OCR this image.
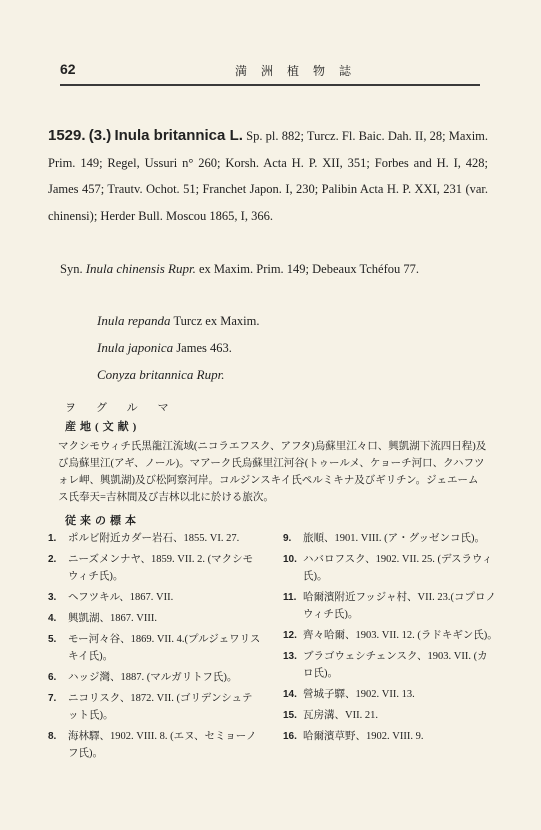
62	満洲植物誌
1529. (3.) Inula britannica L. Sp. pl. 882; Turcz. Fl. Baic. Dah. II, 28; Maxim. Prim. 149; Regel, Ussuri n° 260; Korsh. Acta H. P. XII, 351; Forbes and H. I, 428; James 457; Trautv. Ochot. 51; Franchet Japon. I, 230; Palibin Acta H. P. XXI, 231 (var. chinensi); Herder Bull. Moscou 1865, I, 366.
Syn. Inula chinensis Rupr. ex Maxim. Prim. 149; Debeaux Tchéfou 77.
Inula repanda Turcz ex Maxim.
Inula japonica James 463.
Conyza britannica Rupr.
ヲグルマ
産地(文献)
マクシモウィチ氏黒龍江流域(ニコラエフスク、アフタ)烏蘇里江々口、興凱湖下流四日程)及び烏蘇里江(アギ、ノール)。マアーク氏烏蘇里江河谷(トゥールメ、ケョーチ河口、クハフツォレ岬、興凱湖)及び松阿察河岸。コルジンスキイ氏ペルミキナ及びギリチン。ジェエームス氏奉天=吉林間及び吉林以北に於ける旅次。
従来の標本
1. ポルビ附近カダー岩石、1855. VI. 27.
2. ニーズメンナヤ、1859. VII. 2. (マクシモウィチ氏)。
3. ヘフツキル、1867. VII.
4. 興凱湖、1867. VIII.
5. モー河々谷、1869. VII. 4.(プルジェワリスキイ氏)。
6. ハッジ灣、1887. (マルガリトフ氏)。
7. ニコリスク、1872. VII. (ゴリデンシュテット氏)。
8. 海林驛、1902. VIII. 8. (エヌ、セミョーノフ氏)。
9. 旅順、1901. VIII. (ア・グッゼンコ氏)。
10. ハバロフスク、1902. VII. 25. (デスラウィ氏)。
11. 哈爾濱附近フッジャ村、VII. 23.(コプロノウィチ氏)。
12. 齊々哈爾、1903. VII. 12. (ラドキギン氏)。
13. ブラゴウェシチェンスク、1903. VII. (カロ氏)。
14. 營城子驛、1902. VII. 13.
15. 瓦房溝、VII. 21.
16. 哈爾濱草野、1902. VIII. 9.
